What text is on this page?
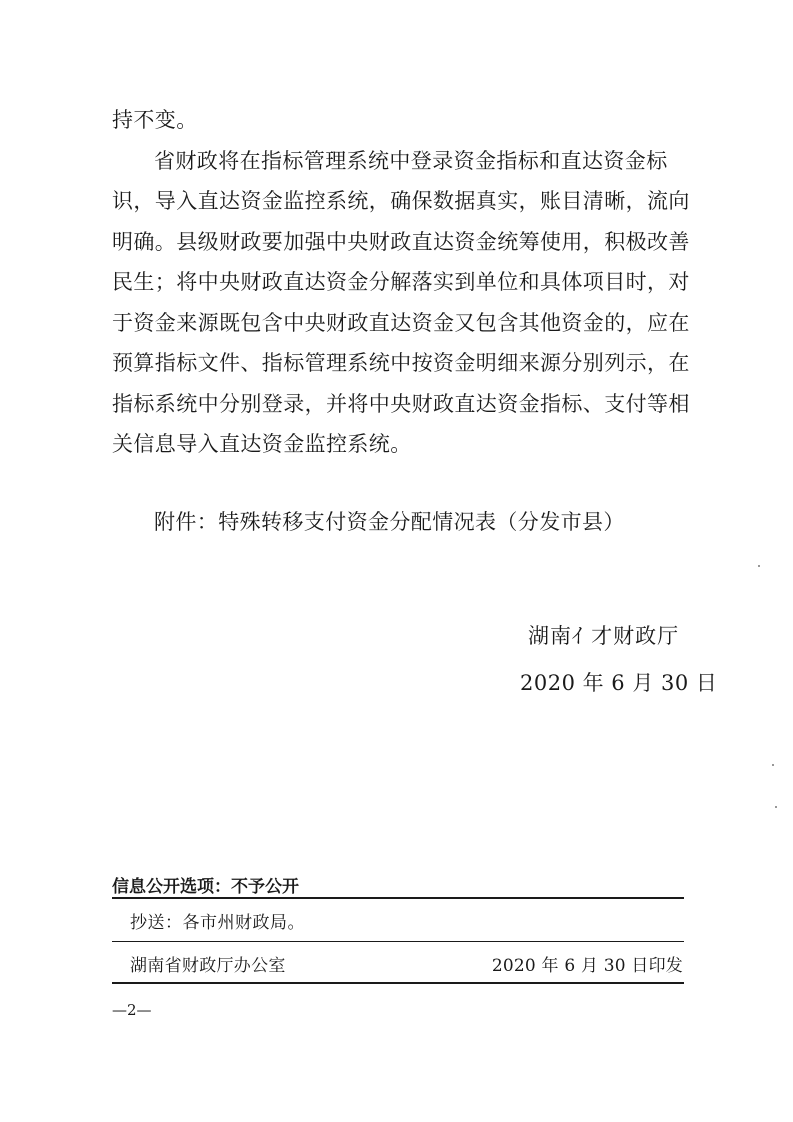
持不变。

省财政将在指标管理系统中登录资金指标和直达资金标识，导入直达资金监控系统，确保数据真实，账目清晰，流向明确。县级财政要加强中央财政直达资金统筹使用，积极改善民生；将中央财政直达资金分解落实到单位和具体项目时，对于资金来源既包含中央财政直达资金又包含其他资金的，应在预算指标文件、指标管理系统中按资金明细来源分别列示，在指标系统中分别登录，并将中央财政直达资金指标、支付等相关信息导入直达资金监控系统。

附件：特殊转移支付资金分配情况表（分发市县）
湖南ｲ 才财政厅
2020 年 6 月 30 日
信息公开选项：不予公开
抄送：各市州财政局。
湖南省财政厅办公室	2020 年 6 月 30 日印发
—2—
